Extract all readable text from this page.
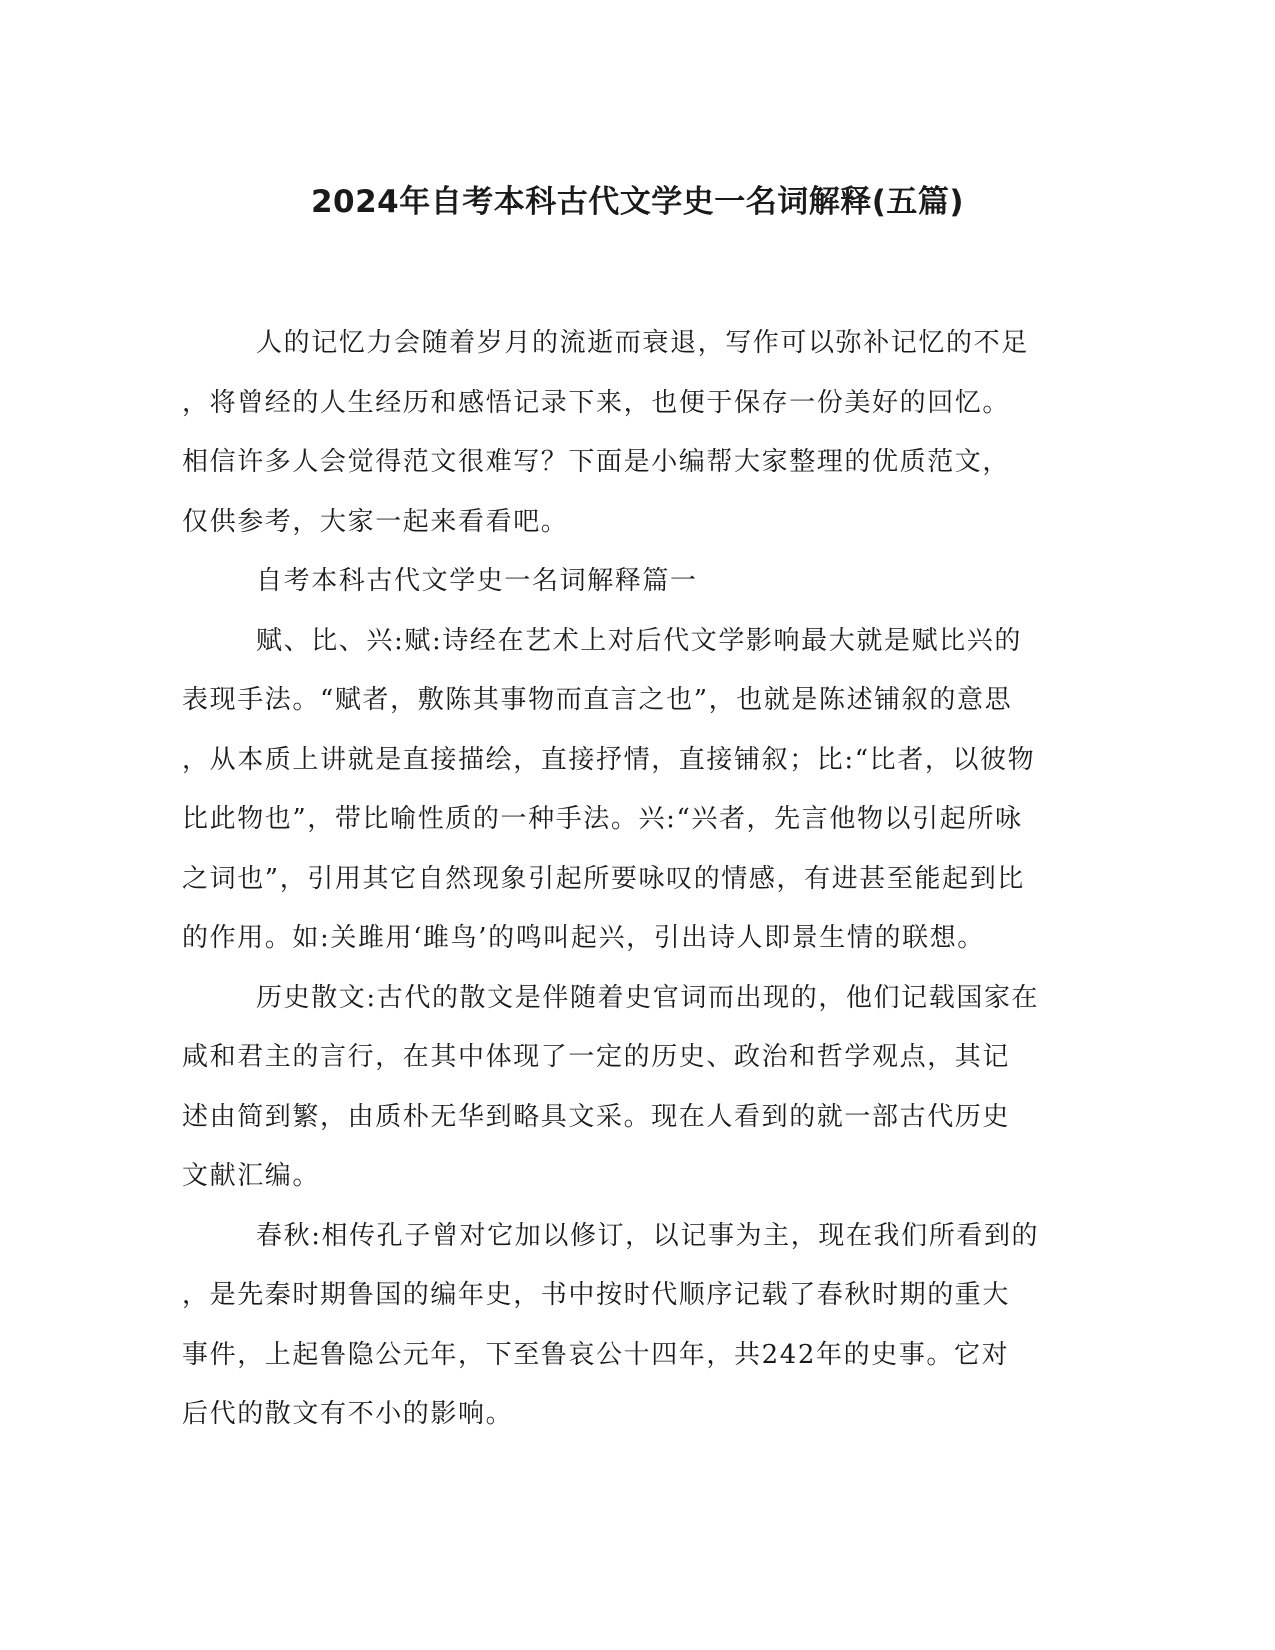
2024年自考本科古代文学史一名词解释(五篇)
人的记忆力会随着岁月的流逝而衰退，写作可以弥补记忆的不足
，将曾经的人生经历和感悟记录下来，也便于保存一份美好的回忆。
相信许多人会觉得范文很难写？下面是小编帮大家整理的优质范文，
仅供参考，大家一起来看看吧。
自考本科古代文学史一名词解释篇一
赋、比、兴:赋:诗经在艺术上对后代文学影响最大就是赋比兴的
表现手法。“赋者，敷陈其事物而直言之也”，也就是陈述铺叙的意思
，从本质上讲就是直接描绘，直接抒情，直接铺叙；比:“比者，以彼物
比此物也”，带比喻性质的一种手法。兴:“兴者，先言他物以引起所咏
之词也”，引用其它自然现象引起所要咏叹的情感，有进甚至能起到比
的作用。如:关雎用‘雎鸟’的鸣叫起兴，引出诗人即景生情的联想。
历史散文:古代的散文是伴随着史官词而出现的，他们记载国家在
咸和君主的言行，在其中体现了一定的历史、政治和哲学观点，其记
述由简到繁，由质朴无华到略具文采。现在人看到的就一部古代历史
文献汇编。
春秋:相传孔子曾对它加以修订，以记事为主，现在我们所看到的
，是先秦时期鲁国的编年史，书中按时代顺序记载了春秋时期的重大
事件，上起鲁隐公元年，下至鲁哀公十四年，共242年的史事。它对
后代的散文有不小的影响。
